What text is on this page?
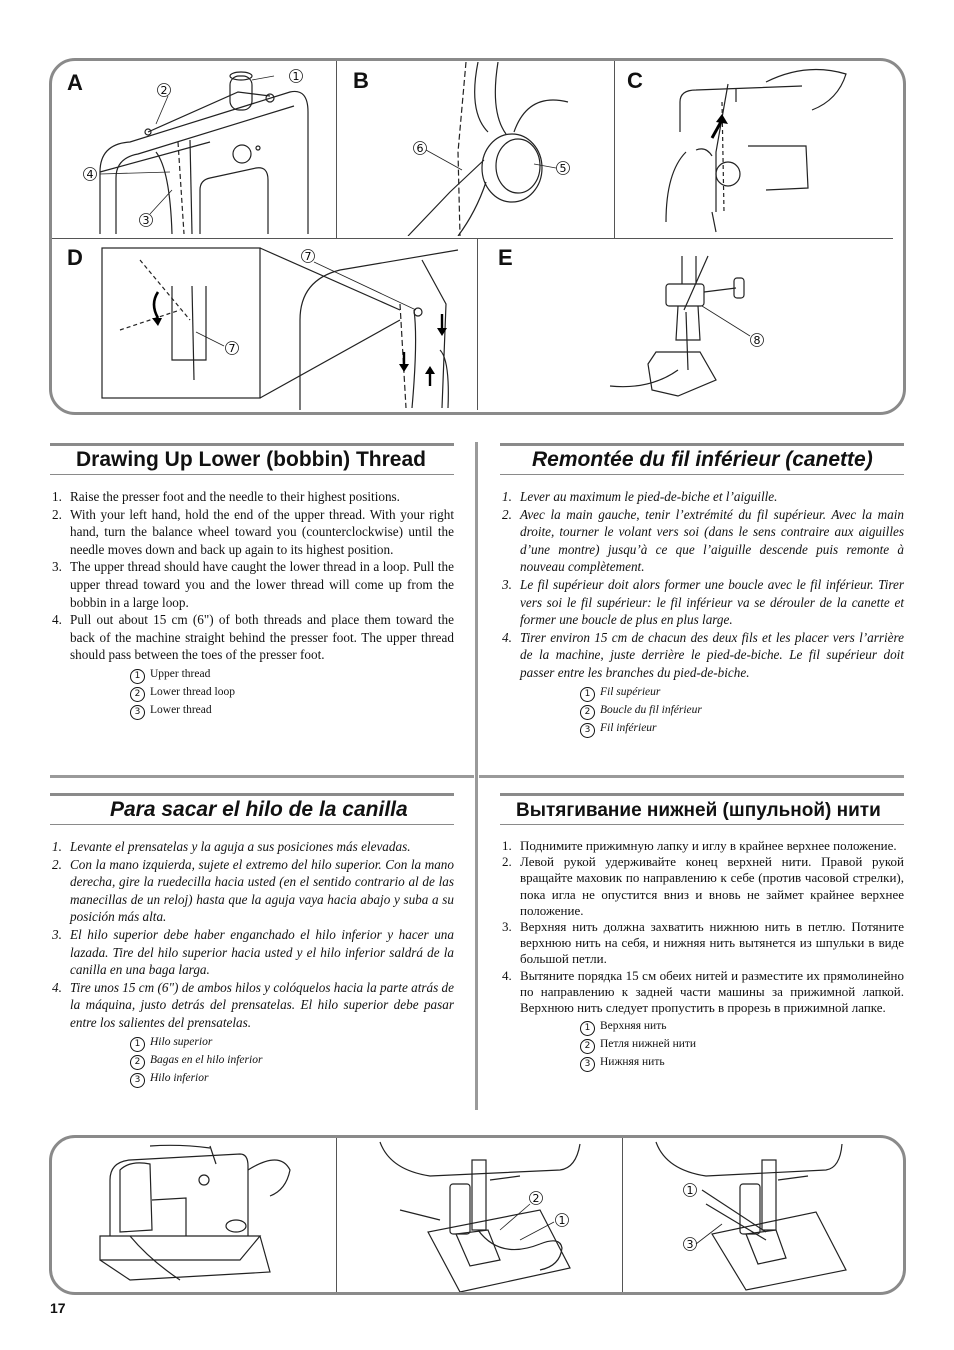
A	B	C
D	E
1
2
3
4	5
6
7
7
8
Drawing Up Lower (bobbin) Thread
1. Raise the presser foot and the needle to their highest positions.
2. With your left hand, hold the end of the upper thread. With your right hand, turn the balance wheel toward you (counterclockwise) until the needle moves down and back up again to its highest position.
3. The upper thread should have caught the lower thread in a loop. Pull the upper thread toward you and the lower thread will come up from the bobbin in a large loop.
4. Pull out about 15 cm (6") of both threads and place them toward the back of the machine straight behind the presser foot. The upper thread should pass between the toes of the presser foot.
1 Upper thread
2 Lower thread loop
3 Lower thread
Remontée du fil inférieur (canette)
1. Lever au maximum le pied-de-biche et l’aiguille.
2. Avec la main gauche, tenir l’extrémité du fil supérieur. Avec la main droite, tourner le volant vers soi (dans le sens contraire aux aiguilles d’une montre) jusqu’à ce que l’aiguille descende puis remonte à nouveau complètement.
3. Le fil supérieur doit alors former une boucle avec le fil inférieur. Tirer vers soi le fil supérieur: le fil inférieur va se dérouler de la canette et former une boucle de plus en plus large.
4. Tirer environ 15 cm de chacun des deux fils et les placer vers l’arrière de la machine, juste derrière le pied-de-biche. Le fil supérieur doit passer entre les branches du pied-de-biche.
1 Fil supérieur
2 Boucle du fil inférieur
3 Fil inférieur
Para sacar el hilo de la canilla
1. Levante el prensatelas y la aguja a sus posiciones más elevadas.
2. Con la mano izquierda, sujete el extremo del hilo superior. Con la mano derecha, gire la ruedecilla hacia usted (en el sentido contrario al de las manecillas de un reloj) hasta que la aguja vaya hacia abajo y suba a su posición más alta.
3. El hilo superior debe haber enganchado el hilo inferior y hacer una lazada. Tire del hilo superior hacia usted y el hilo inferior saldrá de la canilla en una baga larga.
4. Tire unos 15 cm (6") de ambos hilos y colóquelos hacia la parte atrás de la máquina, justo detrás del prensatelas. El hilo superior debe pasar entre los salientes del prensatelas.
1 Hilo superior
2 Bagas en el hilo inferior
3 Hilo inferior
Вытягивание нижней (шпульной) нити
1. Поднимите прижимную лапку и иглу в крайнее верхнее положение.
2. Левой рукой удерживайте конец верхней нити. Правой рукой вращайте маховик по направлению к себе (против часовой стрелки), пока игла не опустится вниз и вновь не займет крайнее верхнее положение.
3. Верхняя нить должна захватить нижнюю нить в петлю. Потяните верхнюю нить на себя, и нижняя нить вытянется из шпульки в виде большой петли.
4. Вытяните порядка 15 см обеих нитей и разместите их прямолинейно по направлению к задней части машины за прижимной лапкой. Верхнюю нить следует пропустить в прорезь в прижимной лапке.
1 Верхняя нить
2 Петля нижней нити
3 Нижняя нить
2
1
1
3
17
